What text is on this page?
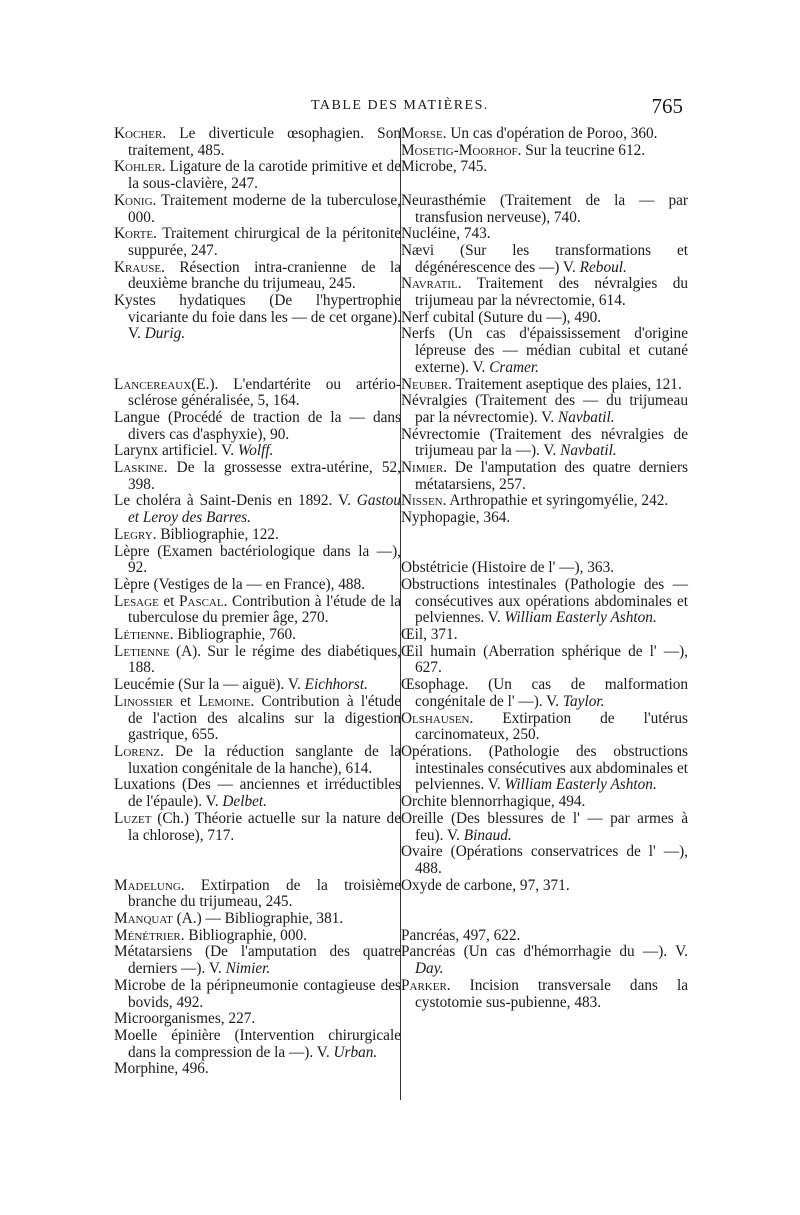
TABLE DES MATIÈRES.	765
Kocher. Le diverticule œsophagien. Son traitement, 485.
Kohler. Ligature de la carotide primitive et de la sous-clavière, 247.
Konig. Traitement moderne de la tuberculose, 000.
Korte. Traitement chirurgical de la péritonite suppurée, 247.
Krause. Résection intra-cranienne de la deuxième branche du trijumeau, 245.
Kystes hydatiques (De l'hypertrophie vicariante du foie dans les — de cet organe). V. Durig.
Lancereaux(E.). L'endartérite ou artério-sclérose généralisée, 5, 164.
Langue (Procédé de traction de la — dans divers cas d'asphyxie), 90.
Larynx artificiel. V. Wolff.
Laskine. De la grossesse extra-utérine, 52, 398.
Le choléra à Saint-Denis en 1892. V. Gastou et Leroy des Barres.
Legry. Bibliographie, 122.
Lèpre (Examen bactériologique dans la —), 92.
Lèpre (Vestiges de la — en France), 488.
Lesage et Pascal. Contribution à l'étude de la tuberculose du premier âge, 270.
Létienne. Bibliographie, 760.
Letienne (A). Sur le régime des diabétiques, 188.
Leucémie (Sur la — aiguë). V. Eichhorst.
Linossier et Lemoine. Contribution à l'étude de l'action des alcalins sur la digestion gastrique, 655.
Lorenz. De la réduction sanglante de la luxation congénitale de la hanche), 614.
Luxations (Des — anciennes et irréductibles de l'épaule). V. Delbet.
Luzet (Ch.) Théorie actuelle sur la nature de la chlorose), 717.
Madelung. Extirpation de la troisième branche du trijumeau, 245.
Manquat (A.) — Bibliographie, 381.
Ménétrier. Bibliographie, 000.
Métatarsiens (De l'amputation des quatre derniers —). V. Nimier.
Microbe de la péripneumonie contagieuse des bovids, 492.
Microorganismes, 227.
Moelle épinière (Intervention chirurgicale dans la compression de la —). V. Urban.
Morphine, 496.
Morse. Un cas d'opération de Poroo, 360.
Mosetig-Moorhof. Sur la teucrine 612.
Microbe, 745.
Neurasthémie (Traitement de la — par transfusion nerveuse), 740.
Nucléine, 743.
Nævi (Sur les transformations et dégénérescence des —) V. Reboul.
Navratil. Traitement des névralgies du trijumeau par la névrectomie, 614.
Nerf cubital (Suture du —), 490.
Nerfs (Un cas d'épaississement d'origine lépreuse des — médian cubital et cutané externe). V. Cramer.
Neuber. Traitement aseptique des plaies, 121.
Névralgies (Traitement des — du trijumeau par la névrectomie). V. Navbatil.
Névrectomie (Traitement des névralgies de trijumeau par la —). V. Navbatil.
Nimier. De l'amputation des quatre derniers métatarsiens, 257.
Nissen. Arthropathie et syringomyélie, 242.
Nyphopagie, 364.
Obstétricie (Histoire de l' —), 363.
Obstructions intestinales (Pathologie des — consécutives aux opérations abdominales et pelviennes. V. William Easterly Ashton.
Œil, 371.
Œil humain (Aberration sphérique de l' —), 627.
Œsophage. (Un cas de malformation congénitale de l' —). V. Taylor.
Olshausen. Extirpation de l'utérus carcinomateux, 250.
Opérations. (Pathologie des obstructions intestinales consécutives aux abdominales et pelviennes. V. William Easterly Ashton.
Orchite blennorrhagique, 494.
Oreille (Des blessures de l' — par armes à feu). V. Binaud.
Ovaire (Opérations conservatrices de l' —), 488.
Oxyde de carbone, 97, 371.
Pancréas, 497, 622.
Pancréas (Un cas d'hémorrhagie du —). V. Day.
Parker. Incision transversale dans la cystotomie sus-pubienne, 483.
